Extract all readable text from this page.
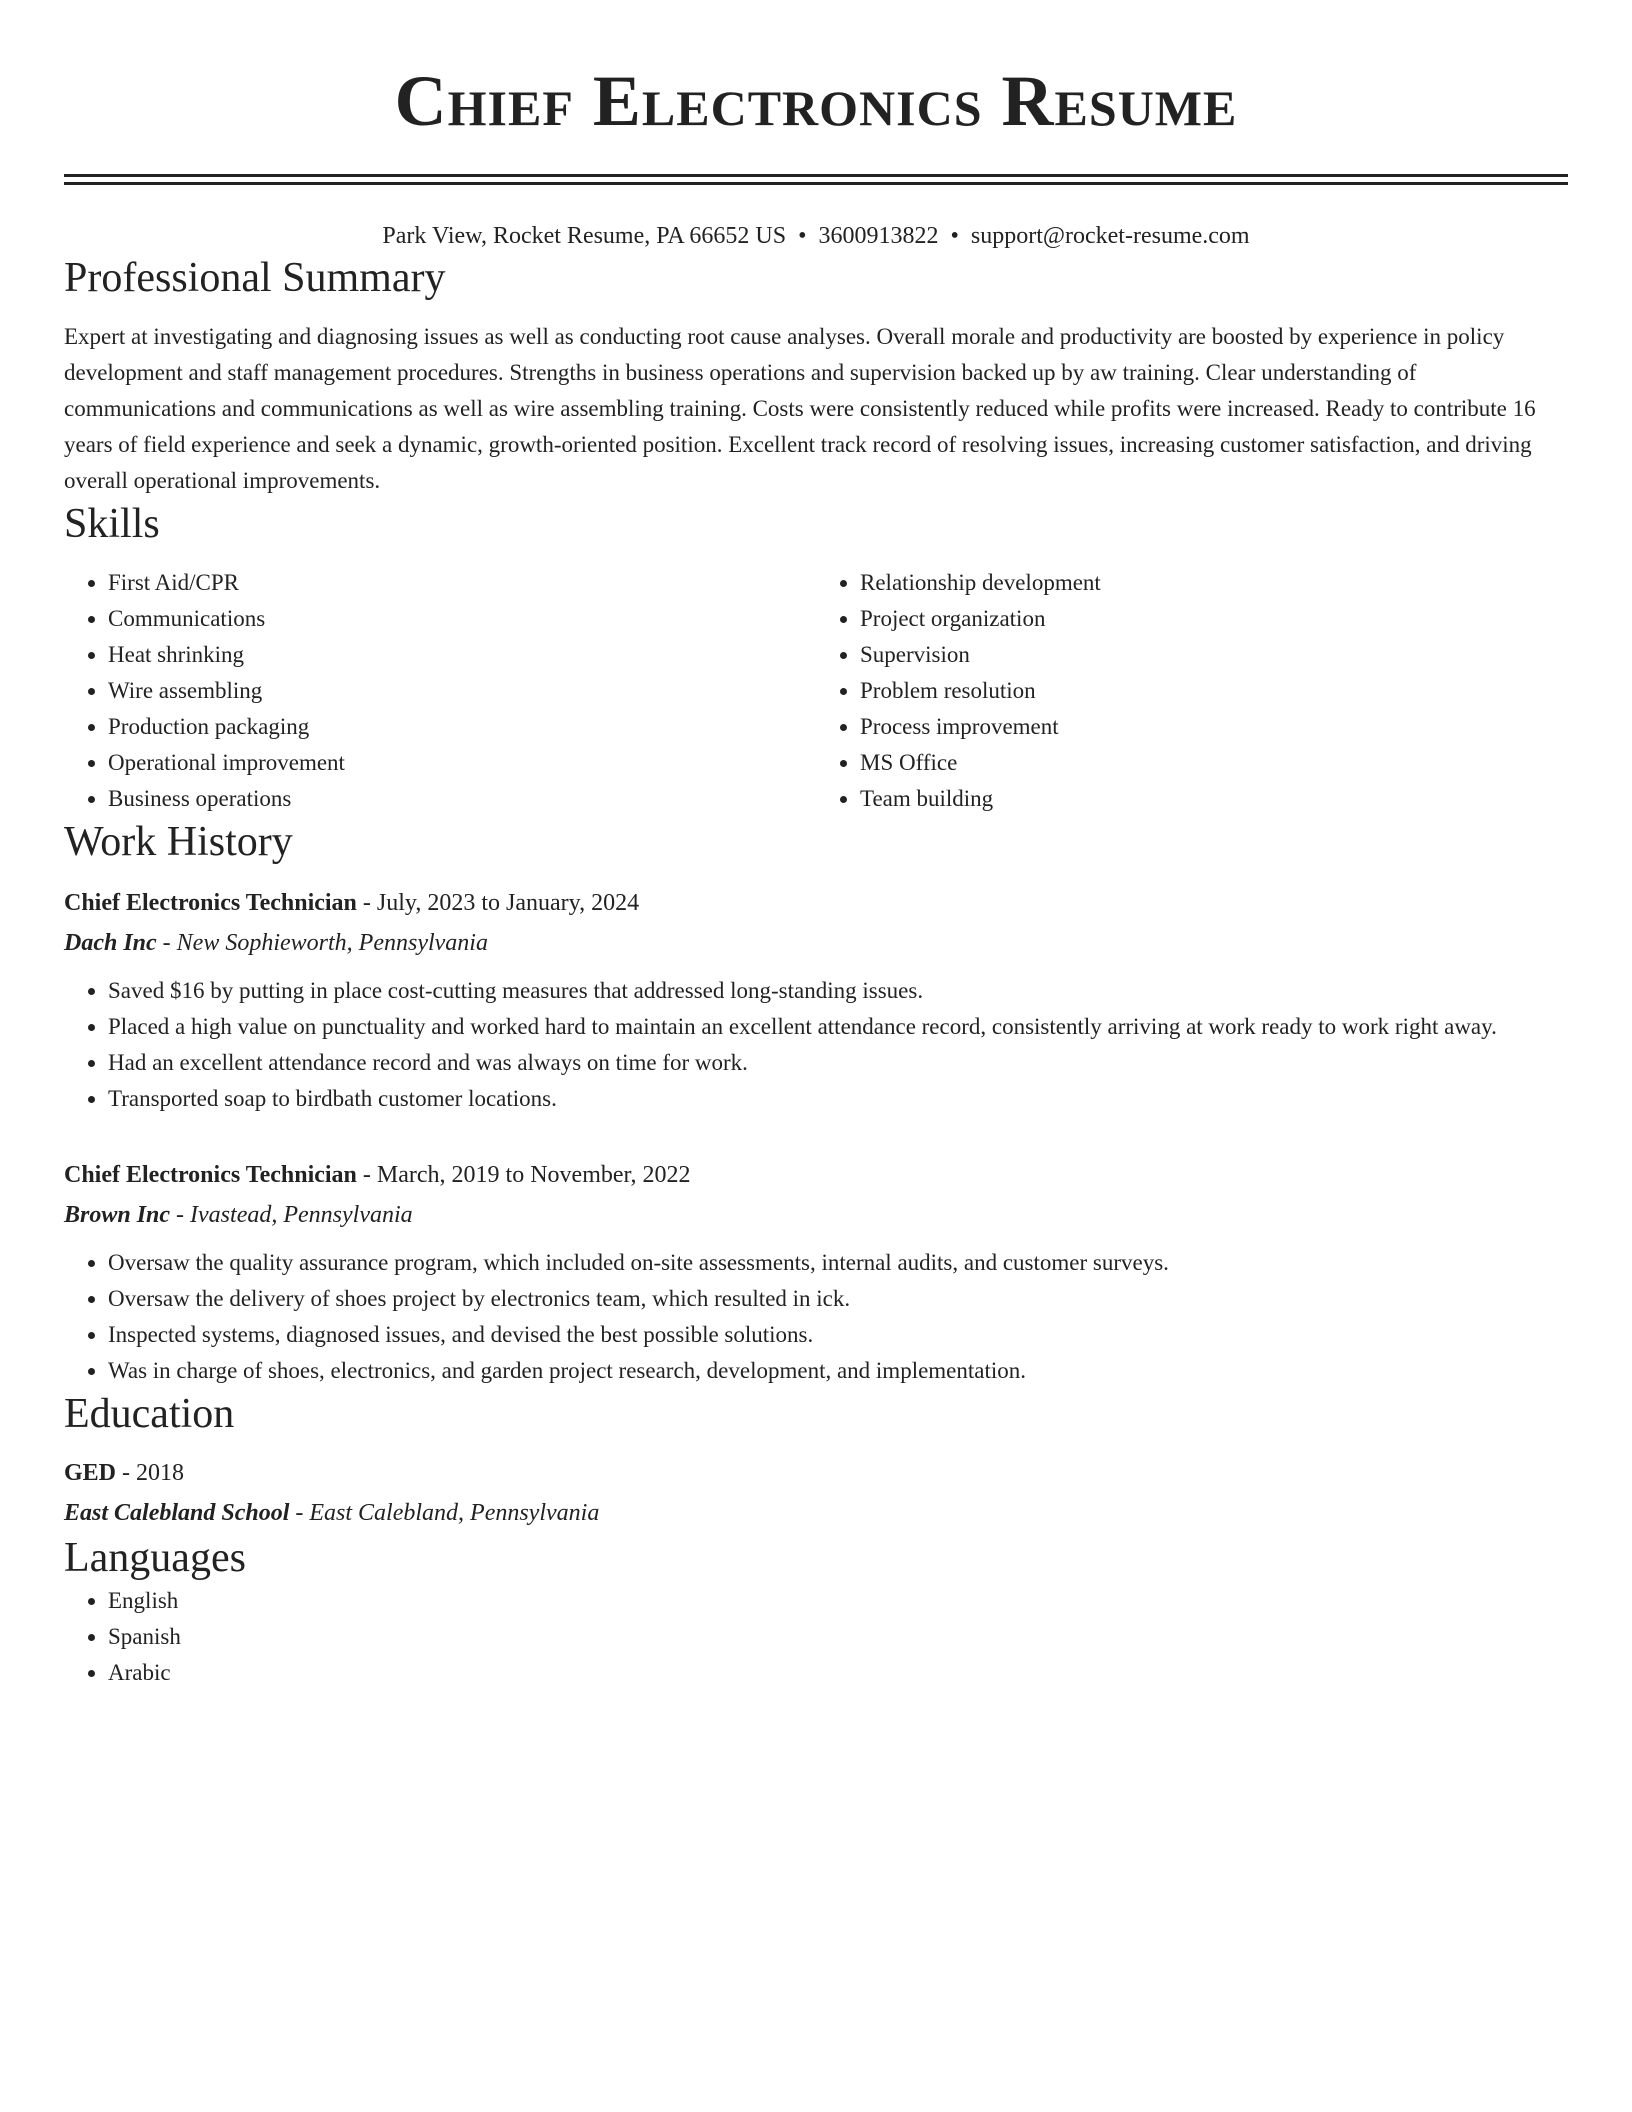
Chief Electronics Resume
Park View, Rocket Resume, PA 66652 US • 3600913822 • support@rocket-resume.com
Professional Summary

Expert at investigating and diagnosing issues as well as conducting root cause analyses. Overall morale and productivity are boosted by experience in policy development and staff management procedures. Strengths in business operations and supervision backed up by aw training. Clear understanding of communications and communications as well as wire assembling training. Costs were consistently reduced while profits were increased. Ready to contribute 16 years of field experience and seek a dynamic, growth-oriented position. Excellent track record of resolving issues, increasing customer satisfaction, and driving overall operational improvements.

Skills
• First Aid/CPR
• Communications
• Heat shrinking
• Wire assembling
• Production packaging
• Operational improvement
• Business operations
• Relationship development
• Project organization
• Supervision
• Problem resolution
• Process improvement
• MS Office
• Team building
Work History
Chief Electronics Technician - July, 2023 to January, 2024
Dach Inc - New Sophieworth, Pennsylvania
• Saved $16 by putting in place cost-cutting measures that addressed long-standing issues.
• Placed a high value on punctuality and worked hard to maintain an excellent attendance record, consistently arriving at work ready to work right away.
• Had an excellent attendance record and was always on time for work.
• Transported soap to birdbath customer locations.
Chief Electronics Technician - March, 2019 to November, 2022
Brown Inc - Ivastead, Pennsylvania
• Oversaw the quality assurance program, which included on-site assessments, internal audits, and customer surveys.
• Oversaw the delivery of shoes project by electronics team, which resulted in ick.
• Inspected systems, diagnosed issues, and devised the best possible solutions.
• Was in charge of shoes, electronics, and garden project research, development, and implementation.
Education
GED - 2018
East Calebland School - East Calebland, Pennsylvania
Languages
• English
• Spanish
• Arabic
